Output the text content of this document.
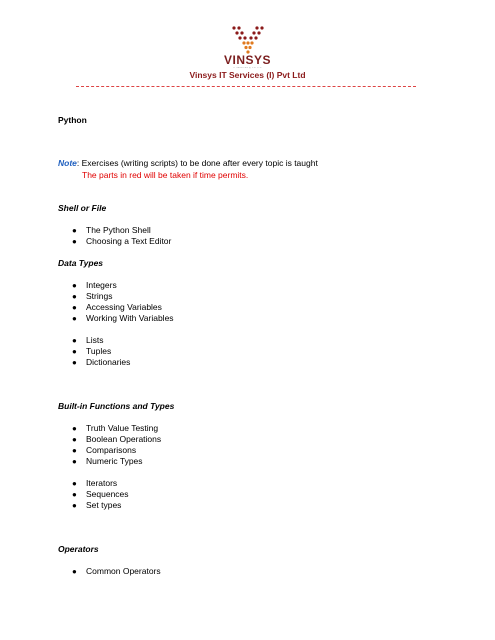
VINSYS
IT SERVICES (I) PVT LTD
Vinsys IT Services (I) Pvt Ltd
Python
Note: Exercises (writing scripts) to be done after every topic is taught
The parts in red will be taken if time permits.
Shell or File
● The Python Shell
● Choosing a Text Editor
Data Types
● Integers
● Strings
● Accessing Variables
● Working With Variables
● Lists
● Tuples
● Dictionaries
Built-in Functions and Types
● Truth Value Testing
● Boolean Operations
● Comparisons
● Numeric Types
● Iterators
● Sequences
● Set types
Operators
● Common Operators
